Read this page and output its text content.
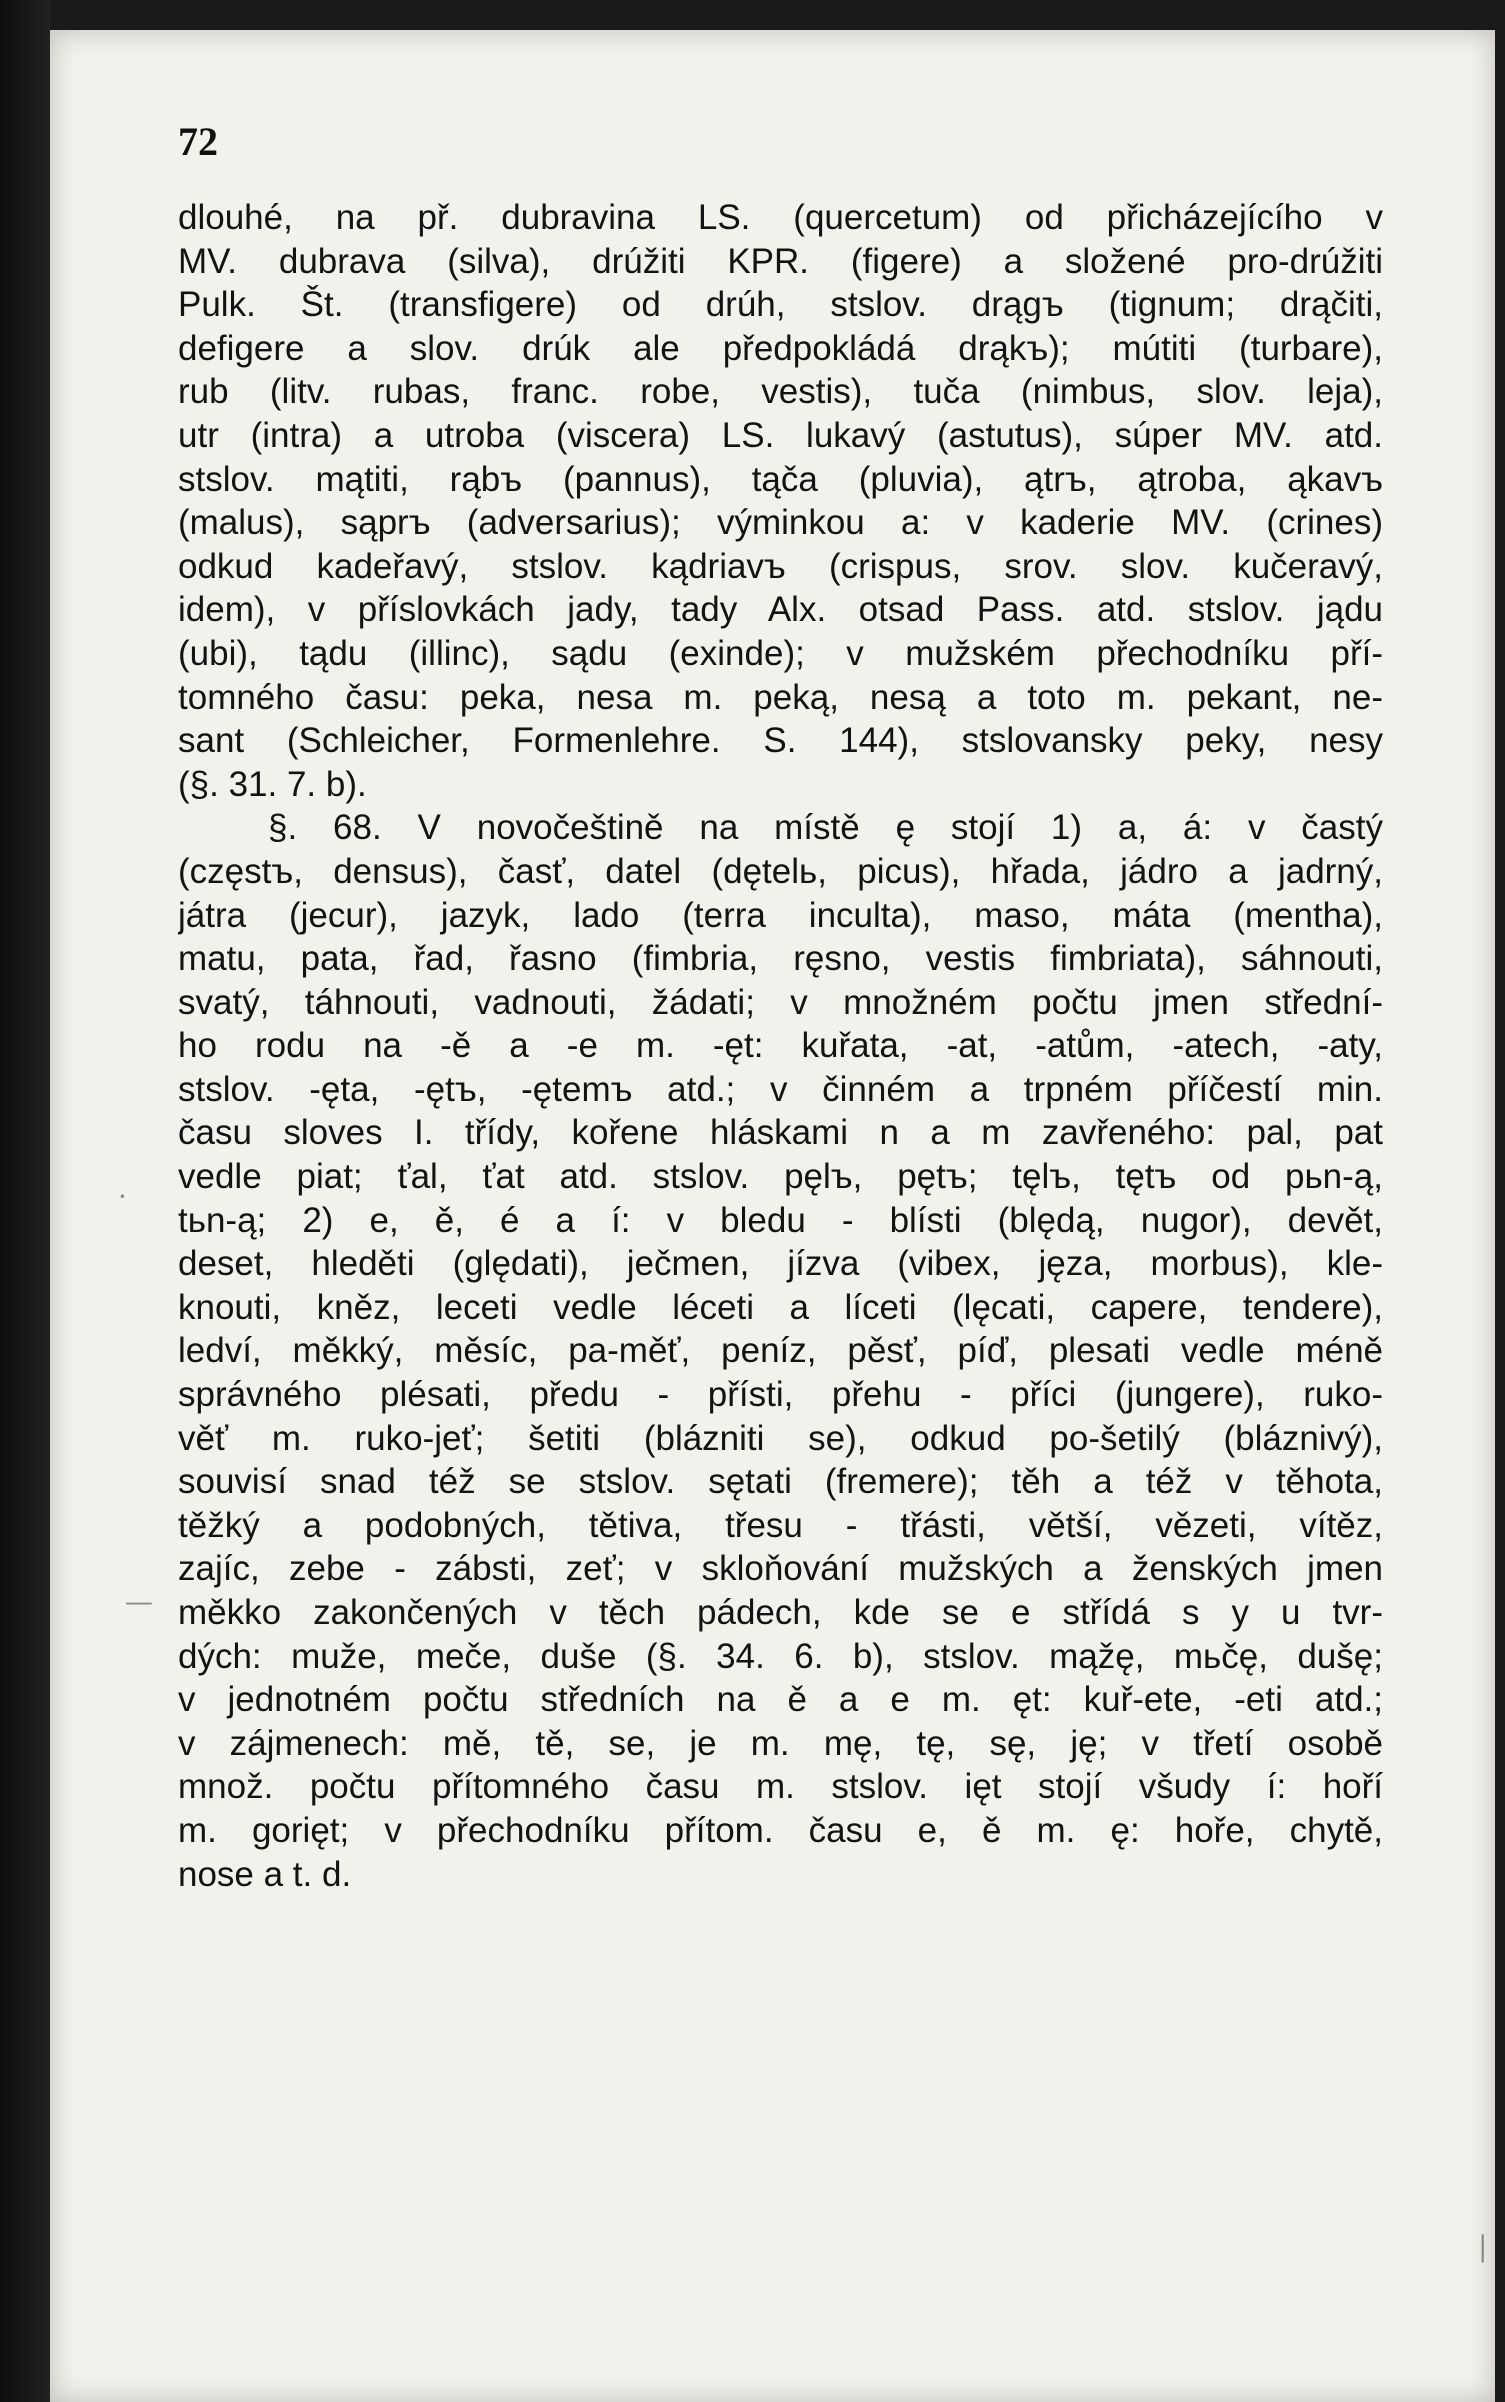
72
dlouhé, na př. dubravina LS. (quercetum) od přicházejícího v
MV. dubrava (silva), drúžiti KPR. (figere) a složené pro-drúžiti
Pulk. Št. (transfigere) od drúh, stslov. drągъ (tignum; drąčiti,
defigere a slov. drúk ale předpokládá drąkъ); mútiti (turbare),
rub (litv. rubas, franc. robe, vestis), tuča (nimbus, slov. leja),
utr (intra) a utroba (viscera) LS. lukavý (astutus), súper MV. atd.
stslov. mątiti, rąbъ (pannus), tąča (pluvia), ątrъ, ątroba, ąkavъ
(malus), sąprъ (adversarius); výminkou a: v kaderie MV. (crines)
odkud kadeřavý, stslov. kądriavъ (crispus, srov. slov. kučeravý,
idem), v příslovkách jady, tady Alx. otsad Pass. atd. stslov. jądu
(ubi), tądu (illinc), sądu (exinde); v mužském přechodníku pří-
tomného času: peka, nesa m. peką, nesą a toto m. pekant, ne-
sant (Schleicher, Formenlehre. S. 144), stslovansky peky, nesy
(§. 31. 7. b).
§. 68. V novočeštině na místě ę stojí 1) a, á: v častý
(częstъ, densus), časť, datel (dętelь, picus), hřada, jádro a jadrný,
játra (jecur), jazyk, lado (terra inculta), maso, máta (mentha),
matu, pata, řad, řasno (fimbria, ręsno, vestis fimbriata), sáhnouti,
svatý, táhnouti, vadnouti, žádati; v množném počtu jmen střední-
ho rodu na -ě a -e m. -ęt: kuřata, -at, -atům, -atech, -aty,
stslov. -ęta, -ętъ, -ętemъ atd.; v činném a trpném příčestí min.
času sloves I. třídy, kořene hláskami n a m zavřeného: pal, pat
vedle piat; ťal, ťat atd. stslov. pęlъ, pętъ; tęlъ, tętъ od pьn-ą,
tьn-ą; 2) e, ě, é a í: v bledu - blísti (blędą, nugor), devět,
deset, hleděti (ględati), ječmen, jízva (vibex, jęza, morbus), kle-
knouti, kněz, leceti vedle léceti a líceti (lęcati, capere, tendere),
ledví, měkký, měsíc, pa-měť, peníz, pěsť, píď, plesati vedle méně
správného plésati, předu - přísti, přehu - příci (jungere), ruko-
věť m. ruko-jeť; šetiti (blázniti se), odkud po-šetilý (bláznivý),
souvisí snad též se stslov. sętati (fremere); těh a též v těhota,
těžký a podobných, tětiva, třesu - třásti, větší, vězeti, vítěz,
zajíc, zebe - zábsti, zeť; v skloňování mužských a ženských jmen
měkko zakončených v těch pádech, kde se e střídá s y u tvr-
dých: muže, meče, duše (§. 34. 6. b), stslov. mąžę, mьčę, dušę;
v jednotném počtu středních na ě a e m. ęt: kuř-ete, -eti atd.;
v zájmenech: mě, tě, se, je m. mę, tę, sę, ję; v třetí osobě
množ. počtu přítomného času m. stslov. ięt stojí všudy í: hoří
m. gorięt; v přechodníku přítom. času e, ě m. ę: hoře, chytě,
nose a t. d.
·
—
|
